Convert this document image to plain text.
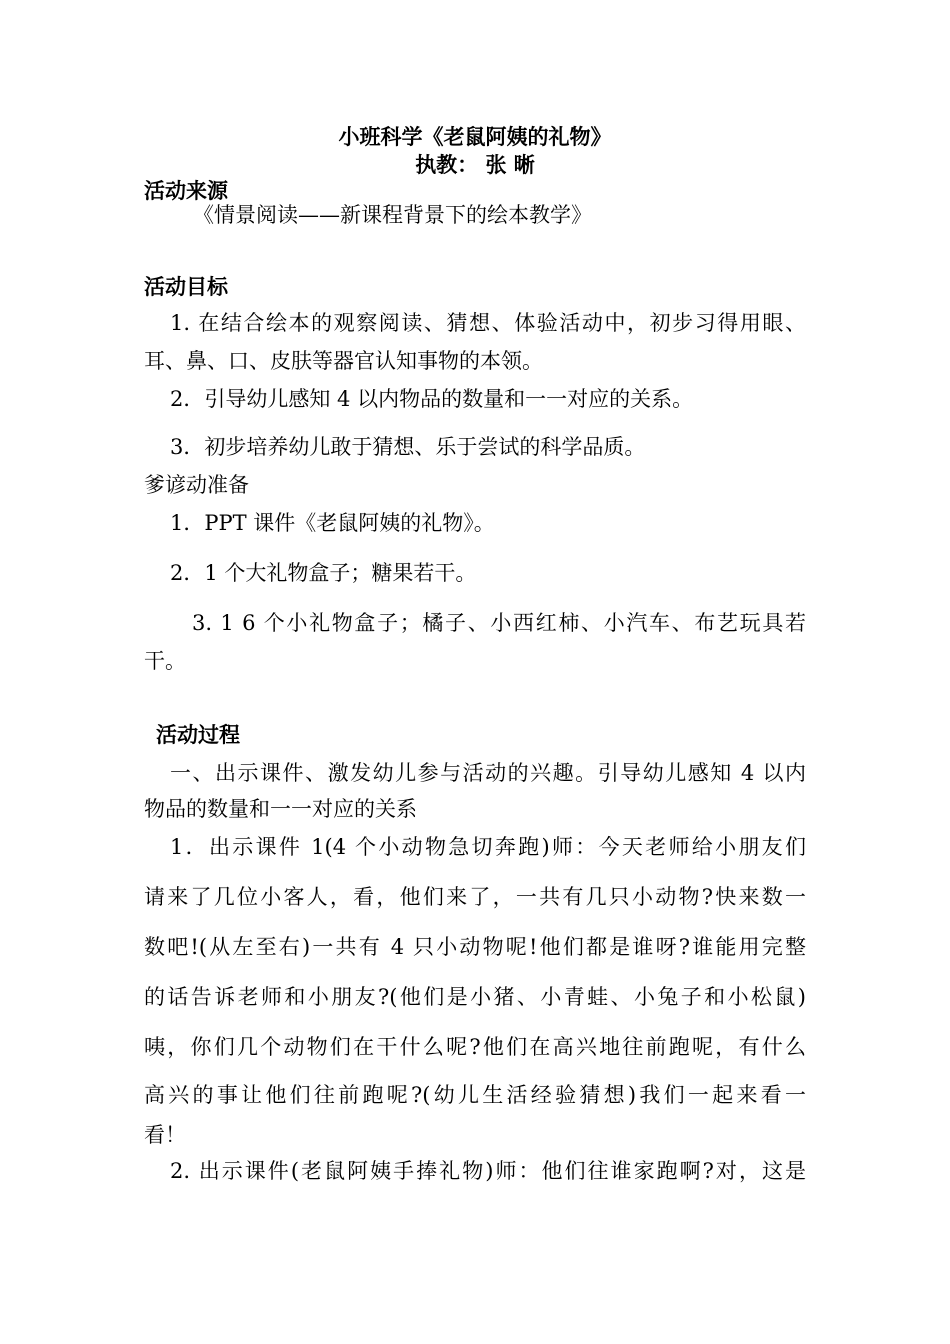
小班科学《老鼠阿姨的礼物》
执教： 张 晰
活动来源
《情景阅读——新课程背景下的绘本教学》
活动目标
1. 在结合绘本的观察阅读、猜想、体验活动中，初步习得用眼、
耳、鼻、口、皮肤等器官认知事物的本领。
2．引导幼儿感知 4 以内物品的数量和一一对应的关系。
3．初步培养幼儿敢于猜想、乐于尝试的科学品质。
爹谚动准备
1．PPT 课件《老鼠阿姨的礼物》。
2．1 个大礼物盒子；糖果若干。
3. 1 6 个小礼物盒子；橘子、小西红柿、小汽车、布艺玩具若
干。
活动过程
一、出示课件、激发幼儿参与活动的兴趣。引导幼儿感知 4 以内
物品的数量和一一对应的关系
1．出示课件 1(4 个小动物急切奔跑)师：今天老师给小朋友们
请来了几位小客人，看，他们来了，一共有几只小动物?快来数一
数吧!(从左至右)一共有 4 只小动物呢!他们都是谁呀?谁能用完整
的话告诉老师和小朋友?(他们是小猪、小青蛙、小兔子和小松鼠)
咦，你们几个动物们在干什么呢?他们在高兴地往前跑呢，有什么
高兴的事让他们往前跑呢?(幼儿生活经验猜想)我们一起来看一
看！
2. 出示课件(老鼠阿姨手捧礼物)师：他们往谁家跑啊?对，这是
